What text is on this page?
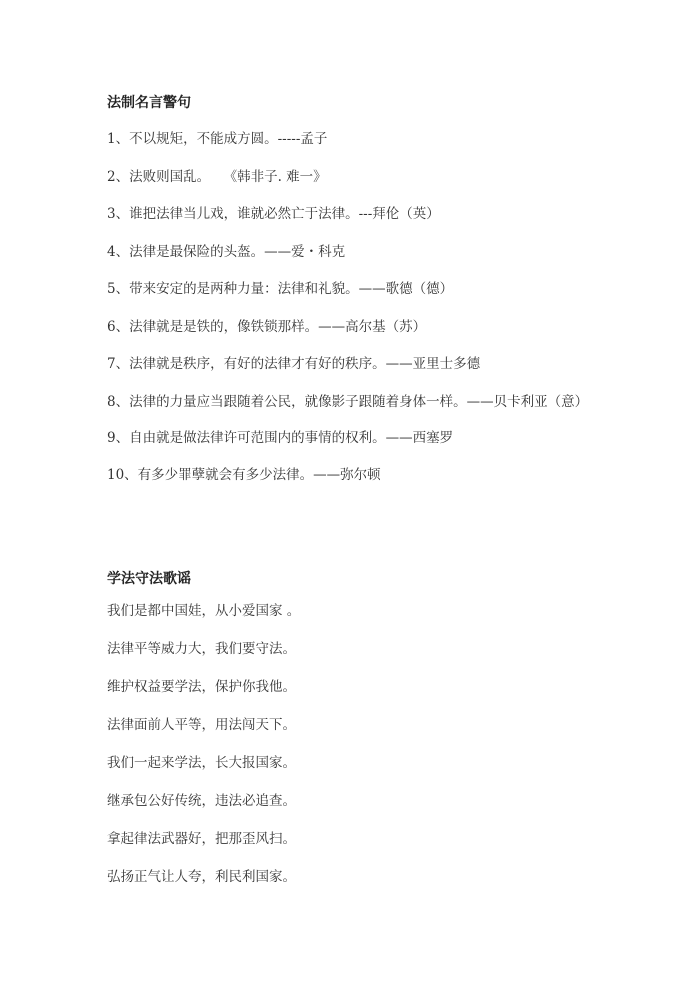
法制名言警句
1、不以规矩，不能成方圆。-----孟子
2、法败则国乱。　　《韩非子. 难一》
3、谁把法律当儿戏，谁就必然亡于法律。---拜伦（英）
4、法律是最保险的头盔。——爱・科克
5、带来安定的是两种力量：法律和礼貌。——歌德（德）
6、法律就是是铁的，像铁锁那样。——高尔基（苏）
7、法律就是秩序，有好的法律才有好的秩序。——亚里士多德
8、法律的力量应当跟随着公民，就像影子跟随着身体一样。——贝卡利亚（意）
9、自由就是做法律许可范围内的事情的权利。——西塞罗
10、有多少罪孽就会有多少法律。——弥尔顿
学法守法歌谣
我们是都中国娃，从小爱国家 。
法律平等威力大，我们要守法。
维护权益要学法，保护你我他。
法律面前人平等，用法闯天下。
我们一起来学法，长大报国家。
继承包公好传统，违法必追查。
拿起律法武器好，把那歪风扫。
弘扬正气让人夸，利民利国家。
